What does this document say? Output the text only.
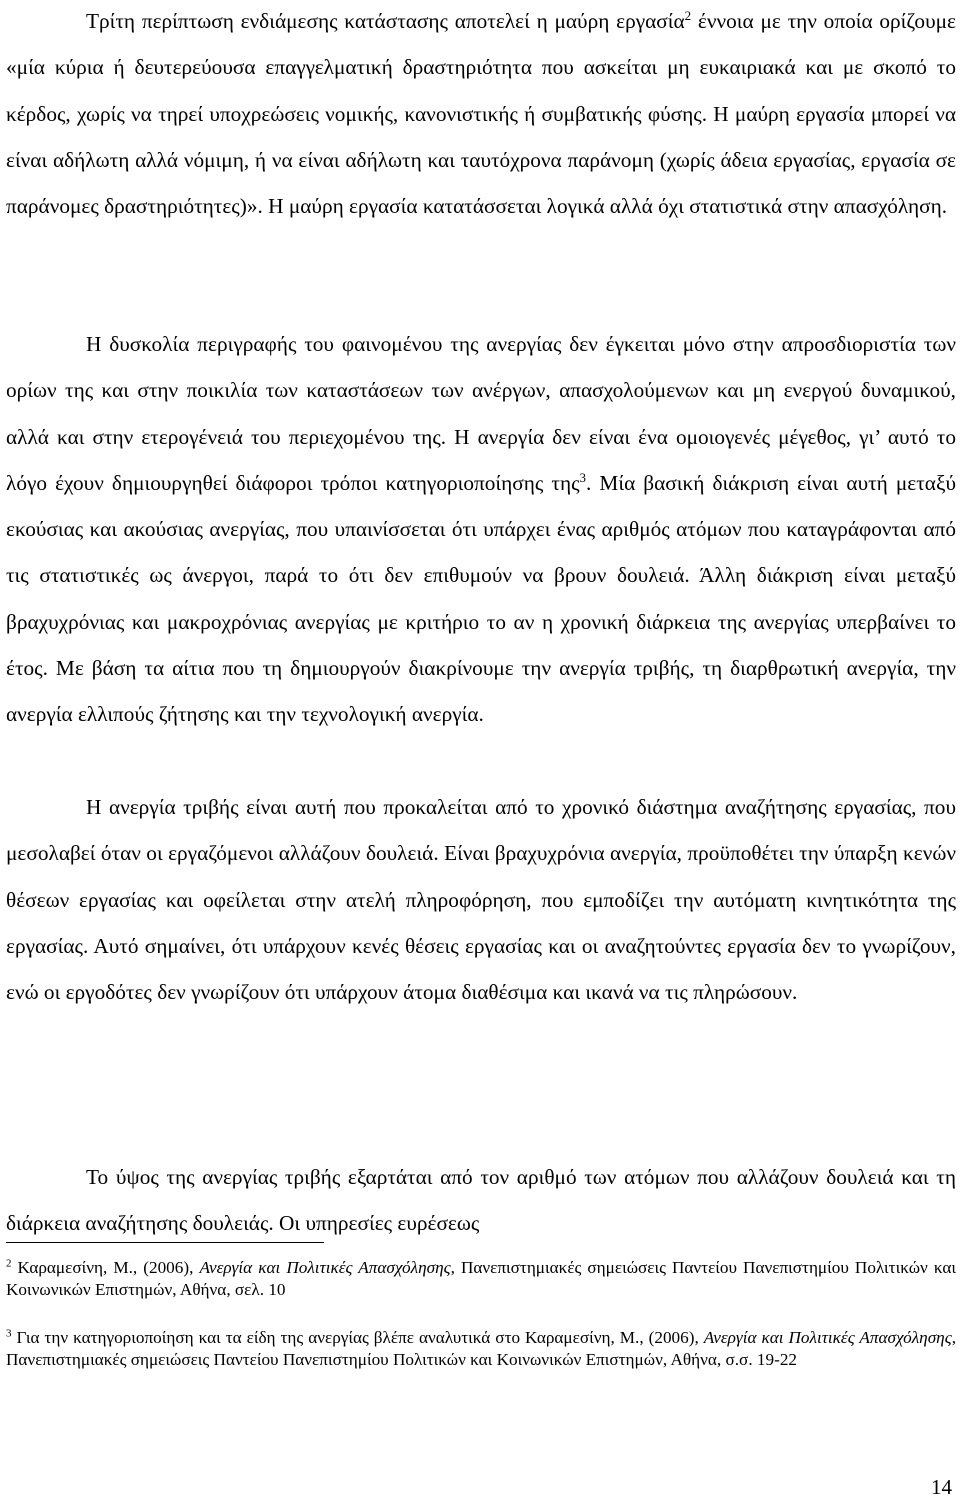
Τρίτη περίπτωση ενδιάμεσης κατάστασης αποτελεί η μαύρη εργασία$^2$ έννοια με την οποία ορίζουμε «μία κύρια ή δευτερεύουσα επαγγελματική δραστηριότητα που ασκείται μη ευκαιριακά και με σκοπό το κέρδος, χωρίς να τηρεί υποχρεώσεις νομικής, κανονιστικής ή συμβατικής φύσης. Η μαύρη εργασία μπορεί να είναι αδήλωτη αλλά νόμιμη, ή να είναι αδήλωτη και ταυτόχρονα παράνομη (χωρίς άδεια εργασίας, εργασία σε παράνομες δραστηριότητες)». Η μαύρη εργασία κατατάσσεται λογικά αλλά όχι στατιστικά στην απασχόληση.

Η δυσκολία περιγραφής του φαινομένου της ανεργίας δεν έγκειται μόνο στην απροσδιοριστία των ορίων της και στην ποικιλία των καταστάσεων των ανέργων, απασχολούμενων και μη ενεργού δυναμικού, αλλά και στην ετερογένειά του περιεχομένου της. Η ανεργία δεν είναι ένα ομοιογενές μέγεθος, γι’ αυτό το λόγο έχουν δημιουργηθεί διάφοροι τρόποι κατηγοριοποίησης της$^3$. Μία βασική διάκριση είναι αυτή μεταξύ εκούσιας και ακούσιας ανεργίας, που υπαινίσσεται ότι υπάρχει ένας αριθμός ατόμων που καταγράφονται από τις στατιστικές ως άνεργοι, παρά το ότι δεν επιθυμούν να βρουν δουλειά. Άλλη διάκριση είναι μεταξύ βραχυχρόνιας και μακροχρόνιας ανεργίας με κριτήριο το αν η χρονική διάρκεια της ανεργίας υπερβαίνει το έτος. Με βάση τα αίτια που τη δημιουργούν διακρίνουμε την ανεργία τριβής, τη διαρθρωτική ανεργία, την ανεργία ελλιπούς ζήτησης και την τεχνολογική ανεργία.

Η ανεργία τριβής είναι αυτή που προκαλείται από το χρονικό διάστημα αναζήτησης εργασίας, που μεσολαβεί όταν οι εργαζόμενοι αλλάζουν δουλειά. Είναι βραχυχρόνια ανεργία, προϋποθέτει την ύπαρξη κενών θέσεων εργασίας και οφείλεται στην ατελή πληροφόρηση, που εμποδίζει την αυτόματη κινητικότητα της εργασίας. Αυτό σημαίνει, ότι υπάρχουν κενές θέσεις εργασίας και οι αναζητούντες εργασία δεν το γνωρίζουν, ενώ οι εργοδότες δεν γνωρίζουν ότι υπάρχουν άτομα διαθέσιμα και ικανά να τις πληρώσουν.

Το ύψος της ανεργίας τριβής εξαρτάται από τον αριθμό των ατόμων που αλλάζουν δουλειά και τη διάρκεια αναζήτησης δουλειάς. Οι υπηρεσίες ευρέσεως

$^2$ Καραμεσίνη, Μ., (2006), Ανεργία και Πολιτικές Απασχόλησης, Πανεπιστημιακές σημειώσεις Παντείου Πανεπιστημίου Πολιτικών και Κοινωνικών Επιστημών, Αθήνα, σελ. 10

$^3$ Για την κατηγοριοποίηση και τα είδη της ανεργίας βλέπε αναλυτικά στο Καραμεσίνη, Μ., (2006), Ανεργία και Πολιτικές Απασχόλησης, Πανεπιστημιακές σημειώσεις Παντείου Πανεπιστημίου Πολιτικών και Κοινωνικών Επιστημών, Αθήνα, σ.σ. 19-22

14
